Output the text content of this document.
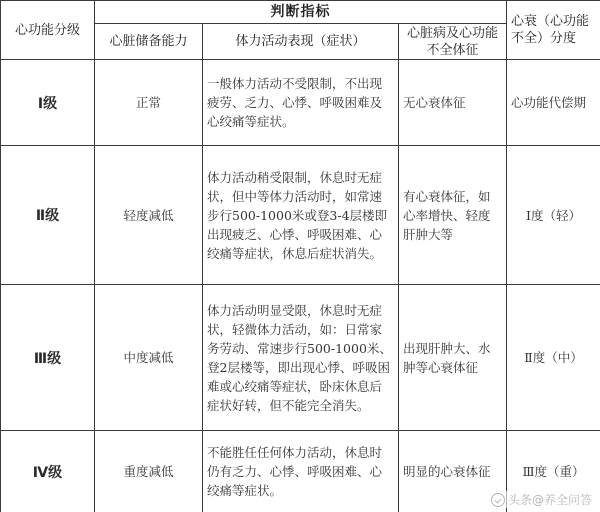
心功能分级	判断指标			心衰（心功能不全）分度
	心脏储备能力	体力活动表现（症状）	心脏病及心功能不全体征	
Ⅰ级	正常	一般体力活动不受限制，不出现疲劳、乏力、心悸、呼吸困难及心绞痛等症状。	无心衰体征	心功能代偿期
Ⅱ级	轻度减低	体力活动稍受限制，休息时无症状，但中等体力活动时，如常速步行500-1000米或登3-4层楼即出现疲乏、心悸、呼吸困难、心绞痛等症状，休息后症状消失。	有心衰体征，如心率增快、轻度肝肿大等	Ⅰ度（轻）
Ⅲ级	中度减低	体力活动明显受限，休息时无症状，轻微体力活动，如：日常家务劳动、常速步行500-1000米、登2层楼等，即出现心悸、呼吸困难或心绞痛等症状，卧床休息后症状好转，但不能完全消失。	出现肝肿大、水肿等心衰体征	Ⅱ度（中）
Ⅳ级	重度减低	不能胜任任何体力活动，休息时仍有乏力、心悸、呼吸困难、心绞痛等症状。	明显的心衰体征	Ⅲ度（重）
头条@养全问答
